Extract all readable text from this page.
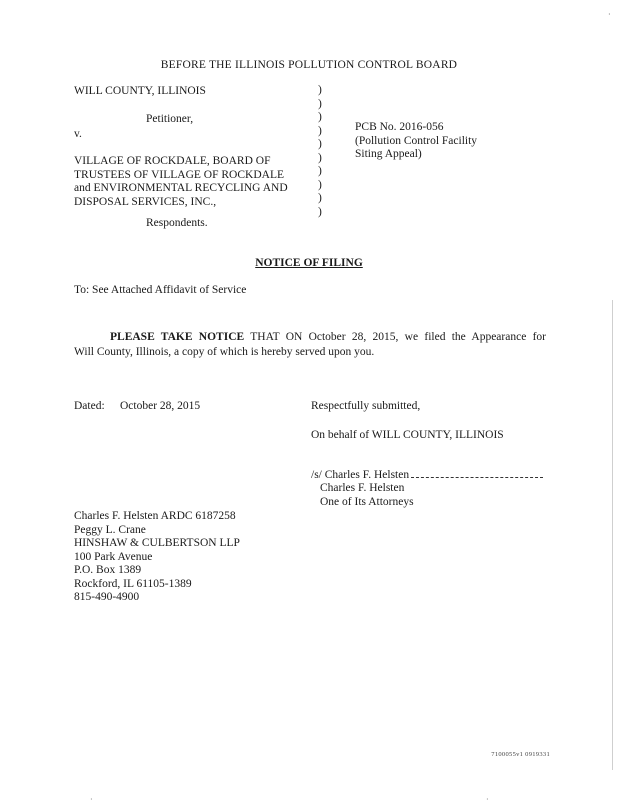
·
BEFORE THE ILLINOIS POLLUTION CONTROL BOARD
WILL COUNTY, ILLINOIS
Petitioner,
v.
VILLAGE OF ROCKDALE, BOARD OF
TRUSTEES OF VILLAGE OF ROCKDALE
and ENVIRONMENTAL RECYCLING AND
DISPOSAL SERVICES, INC.,
Respondents.
)
)
)
)
)
)
)
)
)
)
PCB No. 2016-056
(Pollution Control Facility
Siting Appeal)
NOTICE OF FILING
To: See Attached Affidavit of Service
PLEASE TAKE NOTICE THAT ON October 28, 2015, we filed the Appearance for
Will County, Illinois, a copy of which is hereby served upon you.
Dated: October 28, 2015	Respectfully submitted,
On behalf of WILL COUNTY, ILLINOIS
/s/ Charles F. Helsten
Charles F. Helsten
One of Its Attorneys
Charles F. Helsten ARDC 6187258
Peggy L. Crane
HINSHAW & CULBERTSON LLP
100 Park Avenue
P.O. Box 1389
Rockford, IL 61105-1389
815-490-4900
7100055v1 0919331
·	·
